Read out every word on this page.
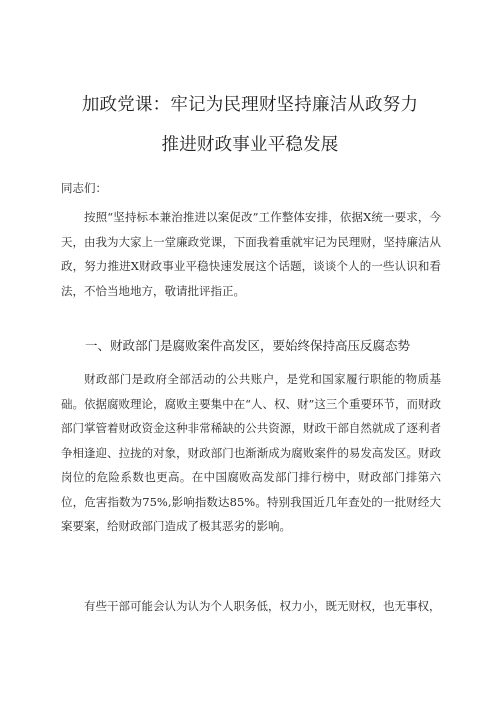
加政党课：牢记为民理财坚持廉洁从政努力
推进财政事业平稳发展
同志们：

按照“坚持标本兼治推进以案促改”工作整体安排，依据X统一要求，今天，由我为大家上一堂廉政党课，下面我着重就牢记为民理财，坚持廉洁从政，努力推进X财政事业平稳快速发展这个话题，谈谈个人的一些认识和看法，不恰当地地方，敬请批评指正。

一、财政部门是腐败案件高发区，要始终保持高压反腐态势

财政部门是政府全部活动的公共账户，是党和国家履行职能的物质基础。依据腐败理论，腐败主要集中在“人、权、财”这三个重要环节，而财政部门掌管着财政资金这种非常稀缺的公共资源，财政干部自然就成了逐利者争相逢迎、拉拢的对象，财政部门也渐渐成为腐败案件的易发高发区。财政岗位的危险系数也更高。在中国腐败高发部门排行榜中，财政部门排第六位，危害指数为75%,影响指数达85%。特别我国近几年查处的一批财经大案要案，给财政部门造成了极其恶劣的影响。

有些干部可能会认为认为个人职务低，权力小，既无财权，也无事权，
